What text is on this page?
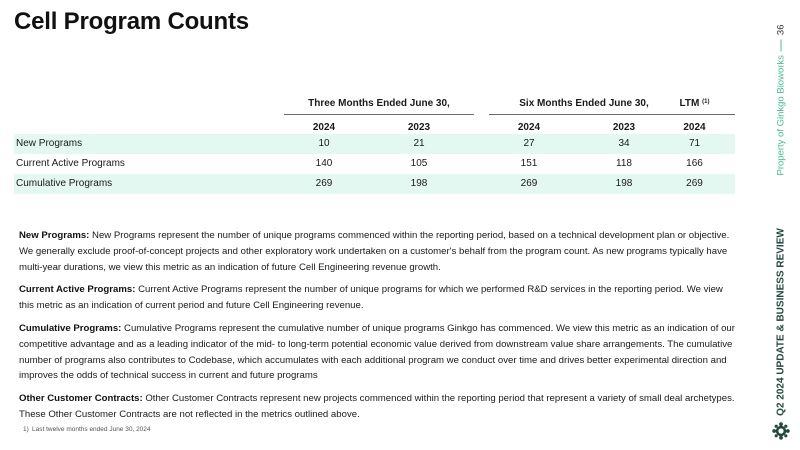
Cell Program Counts
Three Months Ended June 30,	Six Months Ended June 30,	LTM $^{(1)}$
2024	2023	2024	2023	2024
New Programs	10	21	27	34	71
Current Active Programs	140	105	151	118	166
Cumulative Programs	269	198	269	198	269

New Programs: New Programs represent the number of unique programs commenced within the reporting period, based on a technical development plan or objective. We generally exclude proof-of-concept projects and other exploratory work undertaken on a customer's behalf from the program count. As new programs typically have multi-year durations, we view this metric as an indication of future Cell Engineering revenue growth.

Current Active Programs: Current Active Programs represent the number of unique programs for which we performed R&D services in the reporting period. We view this metric as an indication of current period and future Cell Engineering revenue.

Cumulative Programs: Cumulative Programs represent the cumulative number of unique programs Ginkgo has commenced. We view this metric as an indication of our competitive advantage and as a leading indicator of the mid- to long-term potential economic value derived from downstream value share arrangements. The cumulative number of programs also contributes to Codebase, which accumulates with each additional program we conduct over time and drives better experimental direction and improves the odds of technical success in current and future programs

Other Customer Contracts: Other Customer Contracts represent new projects commenced within the reporting period that represent a variety of small deal archetypes. These Other Customer Contracts are not reflected in the metrics outlined above.

1) Last twelve months ended June 30, 2024
Property of Ginkgo Bioworks36
Q2 2024 UPDATE & BUSINESS REVIEW
